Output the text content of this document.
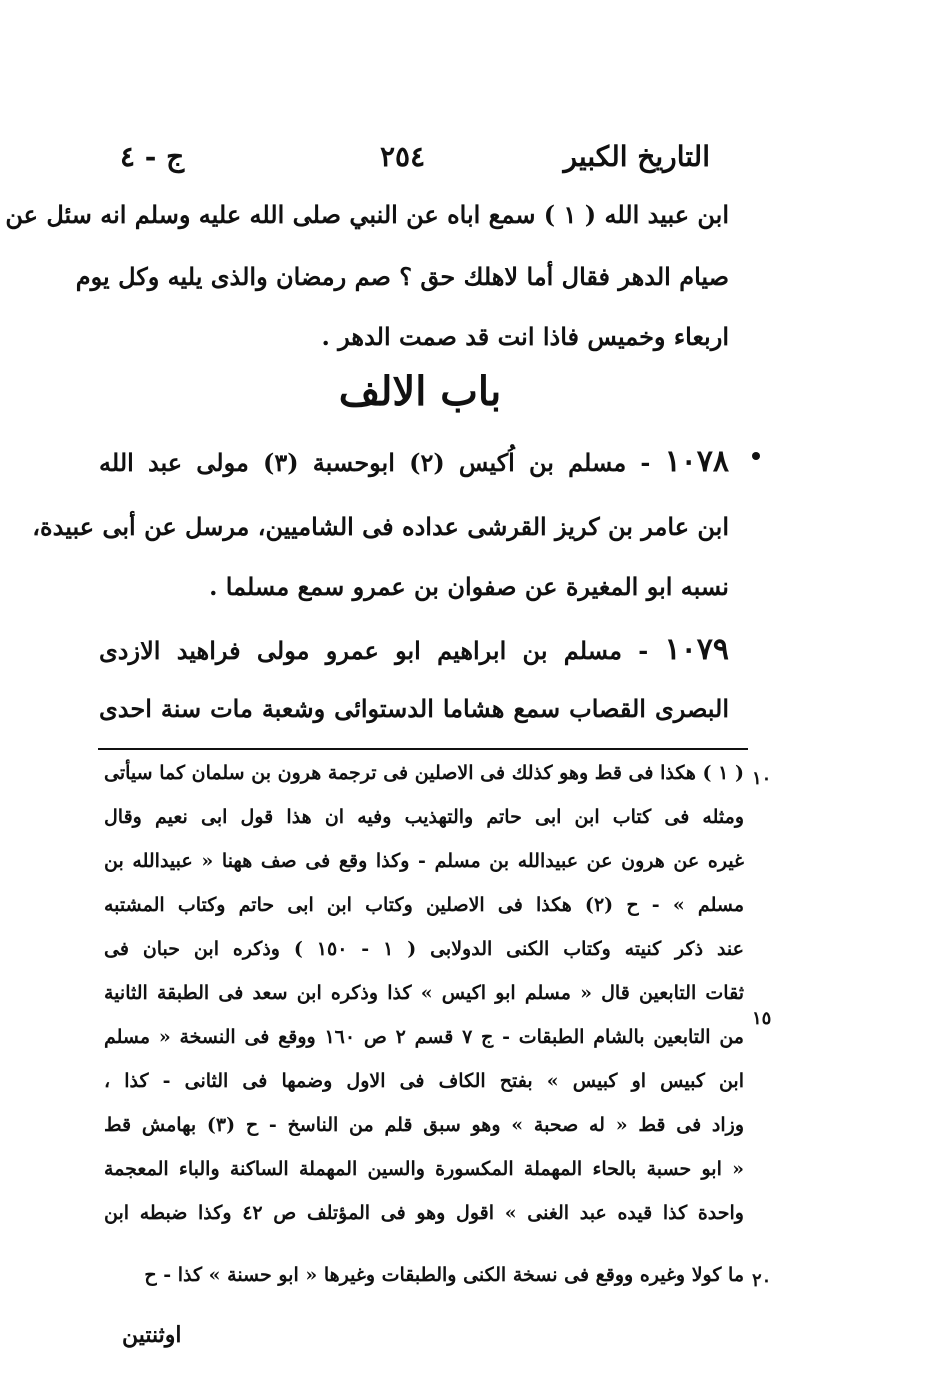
التاريخ الكبير
٢٥٤
ج - ٤
ابن عبيد الله ( ١ ) سمع اباه عن النبي صلى الله عليه وسلم انه سئل عن
صيام الدهر فقال أما لاهلك حق ؟ صم رمضان والذى يليه وكل يوم
اربعاء وخميس فاذا انت قد صمت الدهر .
باب الالف
١٠٧٨ - مسلم بن اُكيس (٢) ابوحسبة (٣) مولى عبد الله
ابن عامر بن كريز القرشى عداده فى الشاميين، مرسل عن أبى عبيدة،
نسبه ابو المغيرة عن صفوان بن عمرو سمع مسلما .
١٠٧٩ - مسلم بن ابراهيم ابو عمرو مولى فراهيد الازدى
البصرى القصاب سمع هشاما الدستوائى وشعبة مات سنة احدى
( ١ ) هكذا فى قط وهو كذلك فى الاصلين فى ترجمة هرون بن سلمان كما سيأتى
ومثله فى كتاب ابن ابى حاتم والتهذيب وفيه ان هذا قول ابى نعيم وقال
غيره عن هرون عن عبيدالله بن مسلم - وكذا وقع فى صف ههنا « عبيدالله بن
مسلم » - ح (٢) هكذا فى الاصلين وكتاب ابن ابى حاتم وكتاب المشتبه
عند ذكر كنيته وكتاب الكنى الدولابى ( ١ - ١٥٠ ) وذكره ابن حبان فى
ثقات التابعين قال « مسلم ابو اكيس » كذا وذكره ابن سعد فى الطبقة الثانية
من التابعين بالشام الطبقات - ج ٧ قسم ٢ ص ١٦٠ ووقع فى النسخة « مسلم
ابن كبيس او كبيس » بفتح الكاف فى الاول وضمها فى الثانى - كذا ،
وزاد فى قط « له صحبة » وهو سبق قلم من الناسخ - ح (٣) بهامش قط
« ابو حسبة بالحاء المهملة المكسورة والسين المهملة الساكنة والباء المعجمة
واحدة كذا قيده عبد الغنى » اقول وهو فى المؤتلف ص ٤٢ وكذا ضبطه ابن
ما كولا وغيره ووقع فى نسخة الكنى والطبقات وغيرها « ابو حسنة » كذا - ح
١٠
١٥
٢٠
اوثنتين
